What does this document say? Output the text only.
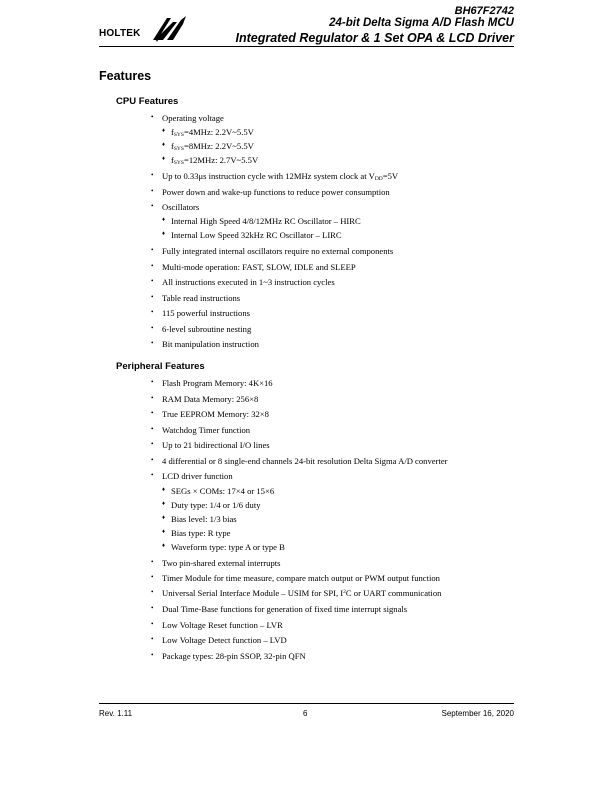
HOLTEK
BH67F2742
24-bit Delta Sigma A/D Flash MCU
Integrated Regulator & 1 Set OPA & LCD Driver
Features
CPU Features
• Operating voltage
♦ $f_{SYS}=4MHz$: 2.2V~5.5V
♦ $f_{SYS}=8MHz$: 2.2V~5.5V
♦ $f_{SYS}=12MHz$: 2.7V~5.5V
• Up to 0.33μs instruction cycle with 12MHz system clock at $V_{DD}=5V$
• Power down and wake-up functions to reduce power consumption
• Oscillators
♦ Internal High Speed 4/8/12MHz RC Oscillator – HIRC
♦ Internal Low Speed 32kHz RC Oscillator – LIRC
• Fully integrated internal oscillators require no external components
• Multi-mode operation: FAST, SLOW, IDLE and SLEEP
• All instructions executed in 1~3 instruction cycles
• Table read instructions
• 115 powerful instructions
• 6-level subroutine nesting
• Bit manipulation instruction
Peripheral Features
• Flash Program Memory: 4K×16
• RAM Data Memory: 256×8
• True EEPROM Memory: 32×8
• Watchdog Timer function
• Up to 21 bidirectional I/O lines
• 4 differential or 8 single-end channels 24-bit resolution Delta Sigma A/D converter
• LCD driver function
♦ SEGs × COMs: 17×4 or 15×6
♦ Duty type: 1/4 or 1/6 duty
♦ Bias level: 1/3 bias
♦ Bias type: R type
♦ Waveform type: type A or type B
• Two pin-shared external interrupts
• Timer Module for time measure, compare match output or PWM output function
• Universal Serial Interface Module – USIM for SPI, $I^2C$ or UART communication
• Dual Time-Base functions for generation of fixed time interrupt signals
• Low Voltage Reset function – LVR
• Low Voltage Detect function – LVD
• Package types: 28-pin SSOP, 32-pin QFN
Rev. 1.11	6	September 16, 2020
